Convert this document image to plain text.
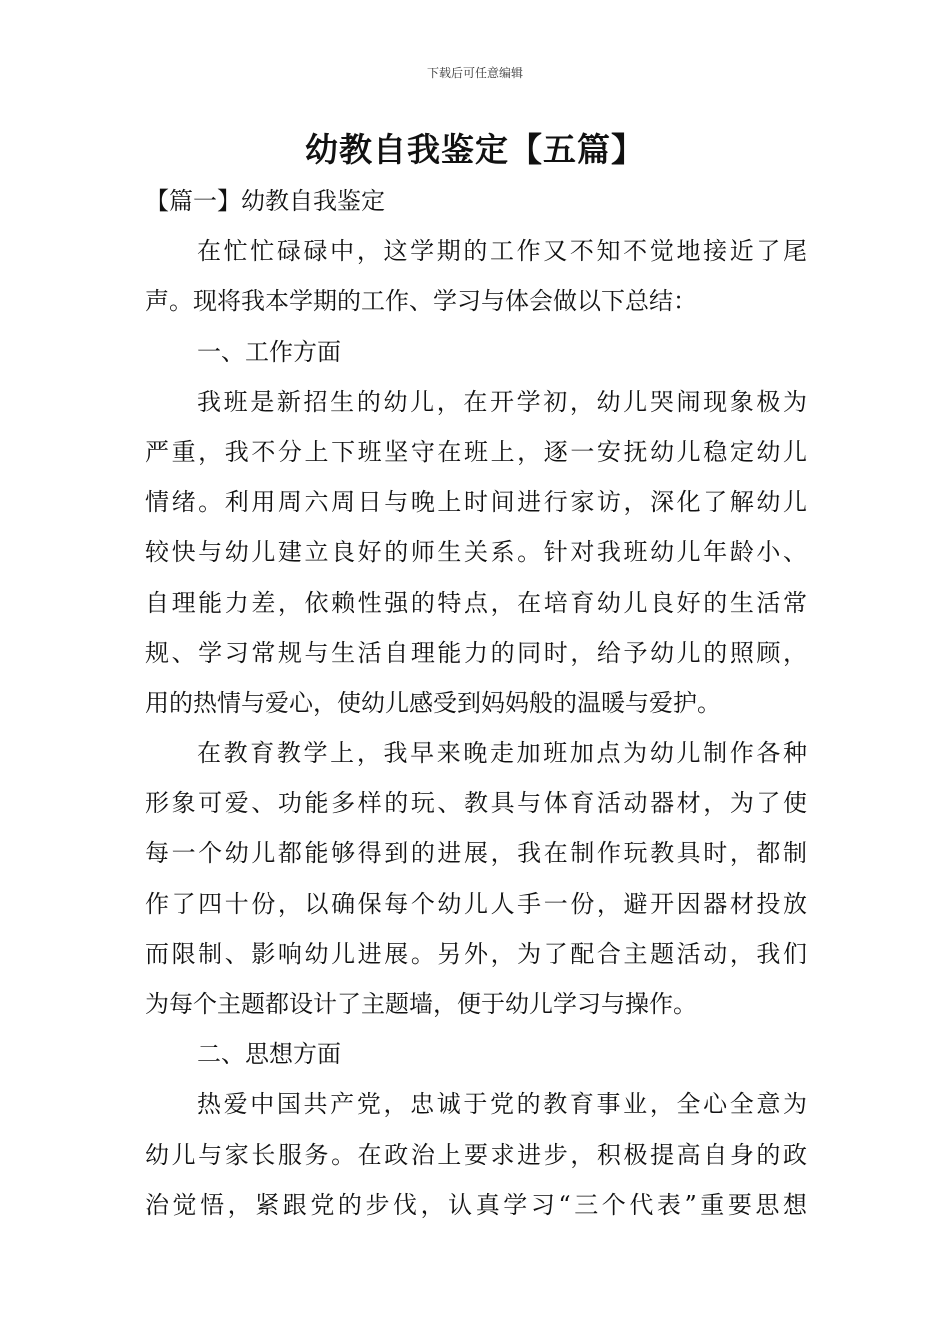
下载后可任意编辑
幼教自我鉴定【五篇】
【篇一】幼教自我鉴定
在忙忙碌碌中，这学期的工作又不知不觉地接近了尾
声。现将我本学期的工作、学习与体会做以下总结：
一、工作方面
我班是新招生的幼儿，在开学初，幼儿哭闹现象极为
严重，我不分上下班坚守在班上，逐一安抚幼儿稳定幼儿
情绪。利用周六周日与晚上时间进行家访，深化了解幼儿
较快与幼儿建立良好的师生关系。针对我班幼儿年龄小、
自理能力差，依赖性强的特点，在培育幼儿良好的生活常
规、学习常规与生活自理能力的同时，给予幼儿的照顾，
用的热情与爱心，使幼儿感受到妈妈般的温暖与爱护。
在教育教学上，我早来晚走加班加点为幼儿制作各种
形象可爱、功能多样的玩、教具与体育活动器材，为了使
每一个幼儿都能够得到的进展，我在制作玩教具时，都制
作了四十份，以确保每个幼儿人手一份，避开因器材投放
而限制、影响幼儿进展。另外，为了配合主题活动，我们
为每个主题都设计了主题墙，便于幼儿学习与操作。
二、思想方面
热爱中国共产党，忠诚于党的教育事业，全心全意为
幼儿与家长服务。在政治上要求进步，积极提高自身的政
治觉悟，紧跟党的步伐，认真学习“三个代表”重要思想
